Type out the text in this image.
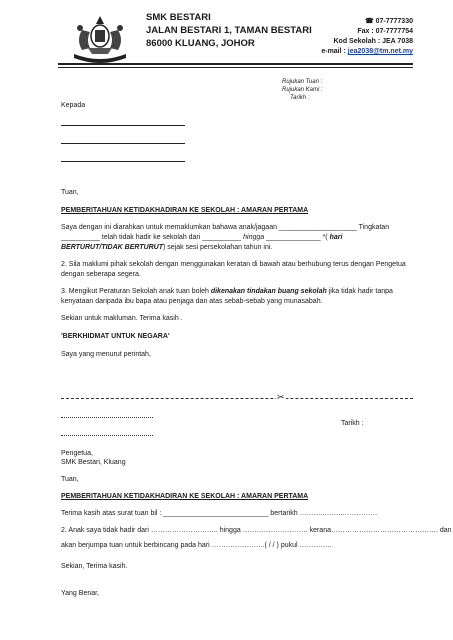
SMK BESTARI
JALAN BESTARI 1, TAMAN BESTARI
86000 KLUANG, JOHOR
☎ 07-7777330
Fax : 07-7777754
Kod Sekolah : JEA 7038
e-mail : jea2038@tm.net.my
Rujukan Tuan :
Rujukan Kami :
Tarikh :
Kepada
Tuan,
PEMBERITAHUAN KETIDAKHADIRAN KE SEKOLAH : AMARAN PERTAMA
Saya dengan ini diarahkan untuk memaklumkan bahawa anak/jagaan ____________________ Tingkatan
__________ telah tidak hadir ke sekolah dari __________ hingga ______________ *( hari
BERTURUT/TIDAK BERTURUT) sejak sesi persekolahan tahun ini.
2. Sila maklumi pihak sekolah dengan menggunakan keratan di bawah atau berhubung terus dengan Pengetua dengan seberapa segera.
3. Mengikut Peraturan Sekolah anak tuan boleh dikenakan tindakan buang sekolah jika tidak hadir tanpa kenyataan daripada ibu bapa atau penjaga dan atas sebab-sebab yang munasabah.
Sekian untuk makluman. Terima kasih .
'BERKHIDMAT UNTUK NEGARA'
Saya yang menurut perintah,
✂
Tarikh :
Pengetua,
SMK Bestari, Kluang
Tuan,
PEMBERITAHUAN KETIDAKHADIRAN KE SEKOLAH : AMARAN PERTAMA
Terima kasih atas surat tuan bil : ___________________________ bertarikh ………..……..……………
2. Anak saya tidak hadir dari ……………………….. hingga ………………………. kerana………………………………………. dan
akan berjumpa tuan untuk berbincang pada hari …………………..( / / ) pukul …………..
Sekian, Terima kasih.
Yang Benar,
